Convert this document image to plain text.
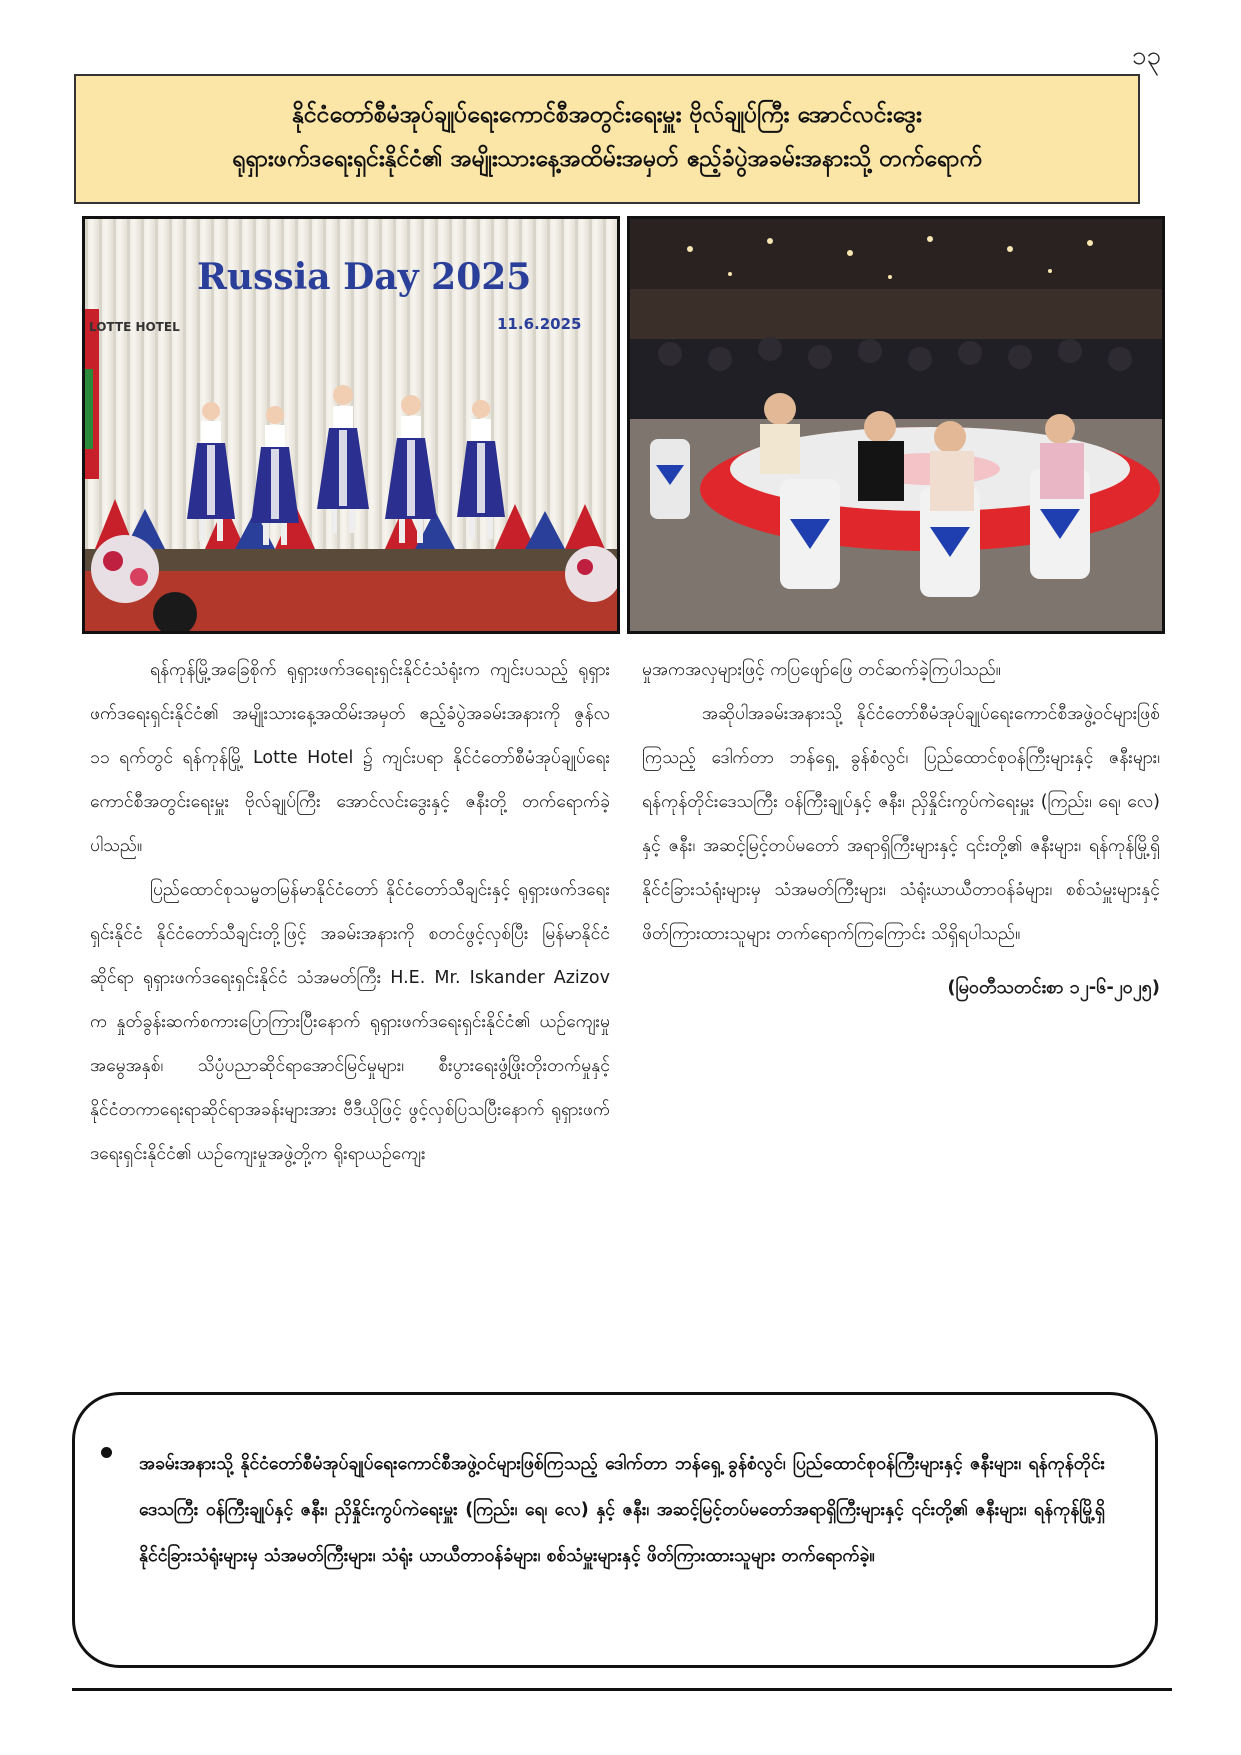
၁၃
နိုင်ငံတော်စီမံအုပ်ချုပ်ရေးကောင်စီအတွင်းရေးမှူး ဗိုလ်ချုပ်ကြီး အောင်လင်းဒွေး
ရုရှားဖက်ဒရေးရှင်းနိုင်ငံ၏ အမျိုးသားနေ့အထိမ်းအမှတ် ဧည့်ခံပွဲအခမ်းအနားသို့ တက်ရောက်
Russia Day 2025
11.6.2025
LOTTE HOTEL

ရန်ကုန်မြို့အခြေစိုက် ရုရှားဖက်ဒရေးရှင်းနိုင်ငံသံရုံးက ကျင်းပသည့် ရုရှားဖက်ဒရေးရှင်းနိုင်ငံ၏ အမျိုးသားနေ့အထိမ်းအမှတ် ဧည့်ခံပွဲအခမ်းအနားကို ဇွန်လ ၁၁ ရက်တွင် ရန်ကုန်မြို့ Lotte Hotel ၌ ကျင်းပရာ နိုင်ငံတော်စီမံအုပ်ချုပ်ရေးကောင်စီအတွင်းရေးမှူး ဗိုလ်ချုပ်ကြီး အောင်လင်းဒွေးနှင့် ဇနီးတို့ တက်ရောက်ခဲ့ပါသည်။

ပြည်ထောင်စုသမ္မတမြန်မာနိုင်ငံတော် နိုင်ငံတော်သီချင်းနှင့် ရုရှားဖက်ဒရေးရှင်းနိုင်ငံ နိုင်ငံတော်သီချင်းတို့ဖြင့် အခမ်းအနားကို စတင်ဖွင့်လှစ်ပြီး မြန်မာနိုင်ငံဆိုင်ရာ ရုရှားဖက်ဒရေးရှင်းနိုင်ငံ သံအမတ်ကြီး H.E. Mr. Iskander Azizov က နှုတ်ခွန်းဆက်စကားပြောကြားပြီးနောက် ရုရှားဖက်ဒရေးရှင်းနိုင်ငံ၏ ယဉ်ကျေးမှုအမွေအနှစ်၊ သိပ္ပံပညာဆိုင်ရာအောင်မြင်မှုများ၊ စီးပွားရေးဖွံ့ဖြိုးတိုးတက်မှုနှင့် နိုင်ငံတကာရေးရာဆိုင်ရာအခန်းများအား ဗီဒီယိုဖြင့် ဖွင့်လှစ်ပြသပြီးနောက် ရုရှားဖက်ဒရေးရှင်းနိုင်ငံ၏ ယဉ်ကျေးမှုအဖွဲ့တို့က ရိုးရာယဉ်ကျေး

မှုအကအလှများဖြင့် ကပြဖျော်ဖြေ တင်ဆက်ခဲ့ကြပါသည်။

အဆိုပါအခမ်းအနားသို့ နိုင်ငံတော်စီမံအုပ်ချုပ်ရေးကောင်စီအဖွဲ့ဝင်များဖြစ်ကြသည့် ဒေါက်တာ ဘန်ရှေ့ ခွန်စံလွင်၊ ပြည်ထောင်စုဝန်ကြီးများနှင့် ဇနီးများ၊ ရန်ကုန်တိုင်းဒေသကြီး ဝန်ကြီးချုပ်နှင့် ဇနီး၊ ညှိနှိုင်းကွပ်ကဲရေးမှူး (ကြည်း၊ ရေ၊ လေ) နှင့် ဇနီး၊ အဆင့်မြင့်တပ်မတော် အရာရှိကြီးများနှင့် ၎င်းတို့၏ ဇနီးများ၊ ရန်ကုန်မြို့ရှိ နိုင်ငံခြားသံရုံးများမှ သံအမတ်ကြီးများ၊ သံရုံးယာယီတာဝန်ခံများ၊ စစ်သံမှူးများနှင့် ဖိတ်ကြားထားသူများ တက်ရောက်ကြကြောင်း သိရှိရပါသည်။

(မြဝတီသတင်းစာ ၁၂-၆-၂၀၂၅)

အခမ်းအနားသို့ နိုင်ငံတော်စီမံအုပ်ချုပ်ရေးကောင်စီအဖွဲ့ဝင်များဖြစ်ကြသည့် ဒေါက်တာ ဘန်ရှေ့ ခွန်စံလွင်၊ ပြည်ထောင်စုဝန်ကြီးများနှင့် ဇနီးများ၊ ရန်ကုန်တိုင်းဒေသကြီး ဝန်ကြီးချုပ်နှင့် ဇနီး၊ ညှိနှိုင်းကွပ်ကဲရေးမှူး (ကြည်း၊ ရေ၊ လေ) နှင့် ဇနီး၊ အဆင့်မြင့်တပ်မတော်အရာရှိကြီးများနှင့် ၎င်းတို့၏ ဇနီးများ၊ ရန်ကုန်မြို့ရှိ နိုင်ငံခြားသံရုံးများမှ သံအမတ်ကြီးများ၊ သံရုံး ယာယီတာဝန်ခံများ၊ စစ်သံမှူးများနှင့် ဖိတ်ကြားထားသူများ တက်ရောက်ခဲ့။
